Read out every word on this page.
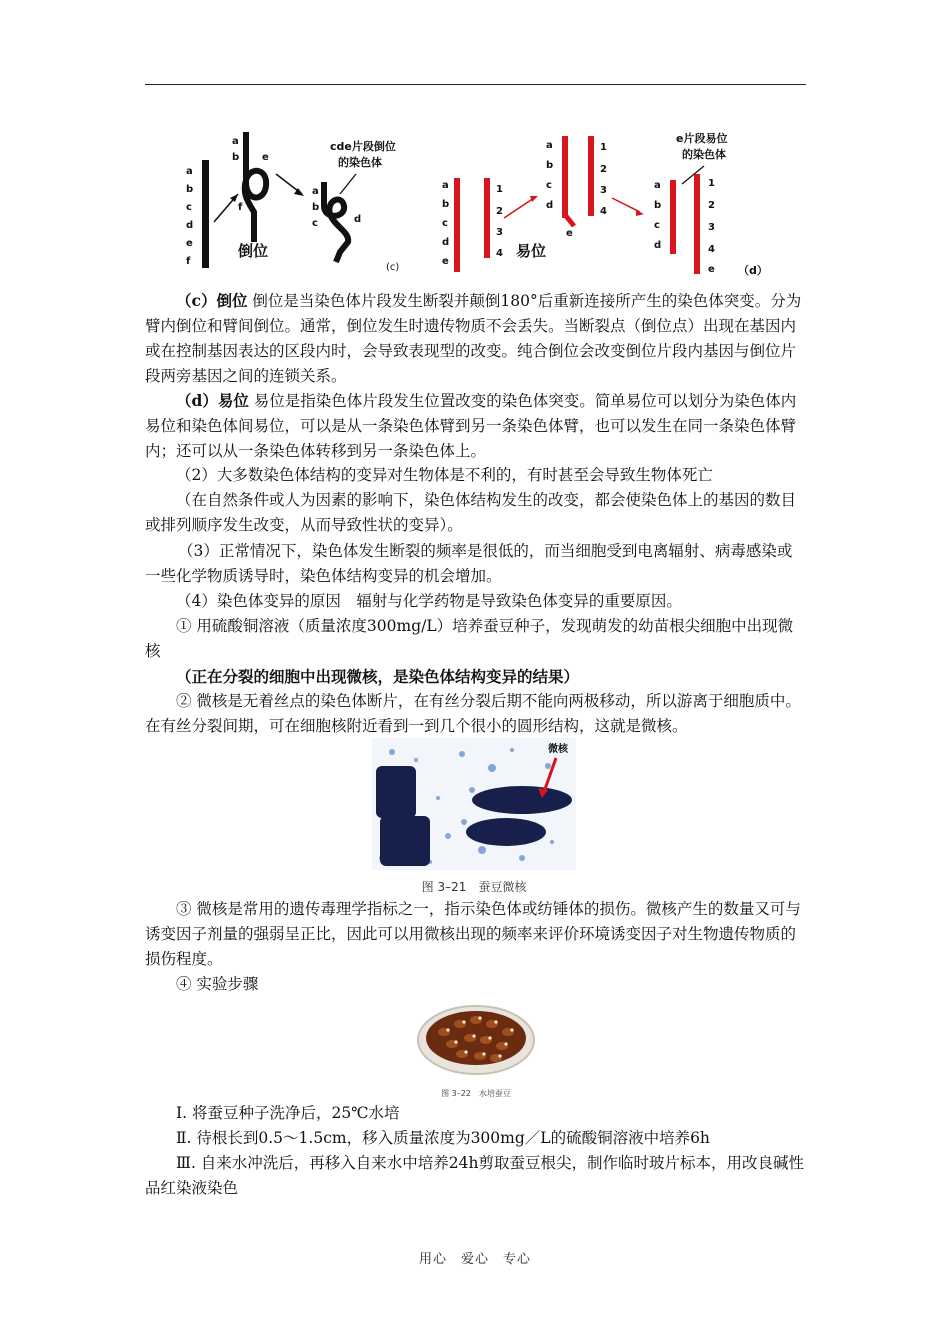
a
b
c
d
e
f
a
b e
f
a
b
c	d
cde片段倒位
的染色体
倒位
(c)
a
b
c
d
e
1
2
3
4
a
b
c
d
e
1
2
3
4
易位
a
b
c
d
1
2
3
4
e
e片段易位
的染色体
（d）
（c）倒位 倒位是当染色体片段发生断裂并颠倒180°后重新连接所产生的染色体突变。分为臂内倒位和臂间倒位。通常，倒位发生时遗传物质不会丢失。当断裂点（倒位点）出现在基因内或在控制基因表达的区段内时，会导致表现型的改变。纯合倒位会改变倒位片段内基因与倒位片段两旁基因之间的连锁关系。
（d）易位 易位是指染色体片段发生位置改变的染色体突变。简单易位可以划分为染色体内易位和染色体间易位，可以是从一条染色体臂到另一条染色体臂，也可以发生在同一条染色体臂内；还可以从一条染色体转移到另一条染色体上。
（2）大多数染色体结构的变异对生物体是不利的，有时甚至会导致生物体死亡
（在自然条件或人为因素的影响下，染色体结构发生的改变，都会使染色体上的基因的数目或排列顺序发生改变，从而导致性状的变异）。
（3）正常情况下，染色体发生断裂的频率是很低的，而当细胞受到电离辐射、病毒感染或一些化学物质诱导时，染色体结构变异的机会增加。
（4）染色体变异的原因　辐射与化学药物是导致染色体变异的重要原因。
① 用硫酸铜溶液（质量浓度300mg/L）培养蚕豆种子，发现萌发的幼苗根尖细胞中出现微核
（正在分裂的细胞中出现微核，是染色体结构变异的结果）
② 微核是无着丝点的染色体断片，在有丝分裂后期不能向两极移动，所以游离于细胞质中。在有丝分裂间期，可在细胞核附近看到一到几个很小的圆形结构，这就是微核。
微核
图 3–21　蚕豆微核
③ 微核是常用的遗传毒理学指标之一，指示染色体或纺锤体的损伤。微核产生的数量又可与诱变因子剂量的强弱呈正比，因此可以用微核出现的频率来评价环境诱变因子对生物遗传物质的损伤程度。
④ 实验步骤
图 3–22　水培蚕豆
Ⅰ. 将蚕豆种子洗净后，25℃水培
Ⅱ. 待根长到0.5～1.5cm，移入质量浓度为300mg／L的硫酸铜溶液中培养6h
Ⅲ. 自来水冲洗后，再移入自来水中培养24h剪取蚕豆根尖，制作临时玻片标本，用改良碱性品红染液染色
用心　爱心　专心
